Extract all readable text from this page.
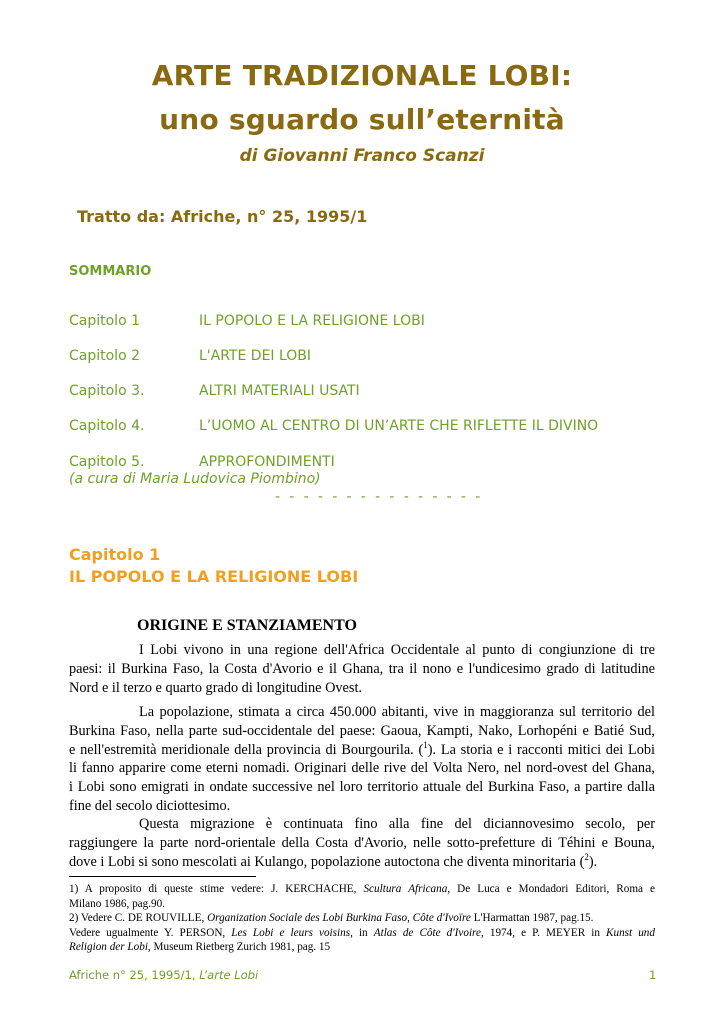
ARTE TRADIZIONALE LOBI:
uno sguardo sull’eternità
di Giovanni Franco Scanzi
Tratto da: Afriche, n° 25, 1995/1
SOMMARIO
Capitolo 1	IL POPOLO E LA RELIGIONE LOBI
Capitolo 2	L'ARTE DEI LOBI
Capitolo 3.	ALTRI MATERIALI USATI
Capitolo 4.	L’UOMO AL CENTRO DI UN’ARTE CHE RIFLETTE IL DIVINO
Capitolo 5.	APPROFONDIMENTI
(a cura di Maria Ludovica Piombino)
- - - - - - - - - - - - - - -
Capitolo 1
IL POPOLO E LA RELIGIONE LOBI
ORIGINE E STANZIAMENTO
I Lobi vivono in una regione dell'Africa Occidentale al punto di congiunzione di tre
paesi: il Burkina Faso, la Costa d'Avorio e il Ghana, tra il nono e l'undicesimo grado di latitudine
Nord e il terzo e quarto grado di longitudine Ovest.
La popolazione, stimata a circa 450.000 abitanti, vive in maggioranza sul territorio del
Burkina Faso, nella parte sud-occidentale del paese: Gaoua, Kampti, Nako, Lorhopéni e Batié Sud,
e nell'estremità meridionale della provincia di Bourgourila. ($^1$). La storia e i racconti mitici dei Lobi
li fanno apparire come eterni nomadi. Originari delle rive del Volta Nero, nel nord-ovest del Ghana,
i Lobi sono emigrati in ondate successive nel loro territorio attuale del Burkina Faso, a partire dalla
fine del secolo diciottesimo.
Questa migrazione è continuata fino alla fine del diciannovesimo secolo, per
raggiungere la parte nord-orientale della Costa d'Avorio, nelle sotto-prefetture di Téhini e Bouna,
dove i Lobi si sono mescolati ai Kulango, popolazione autoctona che diventa minoritaria ($^2$).
1) A proposito di queste stime vedere: J. KERCHACHE, Scultura Africana, De Luca e Mondadori Editori, Roma e
Milano 1986, pag.90.
2) Vedere C. DE ROUVILLE, Organization Sociale des Lobi Burkina Faso, Côte d'Ivoïre L'Harmattan 1987, pag.15.
Vedere ugualmente Y. PERSON, Les Lobi e leurs voisins, in Atlas de Côte d'Ivoire, 1974, e P. MEYER in Kunst und
Religion der Lobi, Museum Rietberg Zurich 1981, pag. 15
Afriche n° 25, 1995/1, L’arte Lobi	1
